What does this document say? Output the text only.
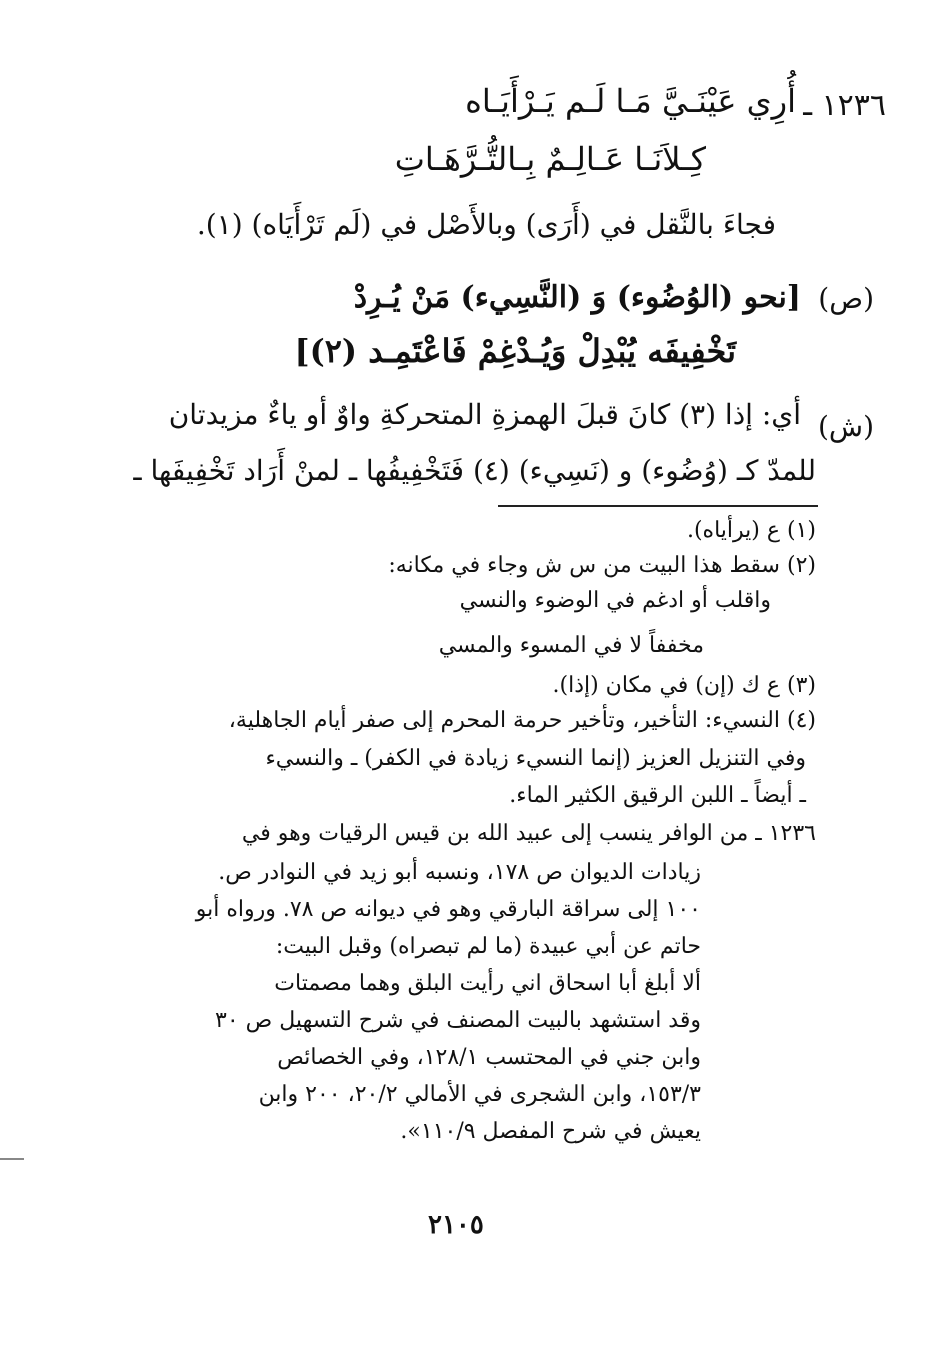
١٢٣٦ ـ
أُرِي عَيْنَـيَّ مَـا لَـم يَـرْأَيَـاه
كِـلاَنَـا عَـالِـمٌ بِـالتُّـرَّهَـاتِ
فجاءَ بالنَّقل في (أَرَى) وبالأَصْل في (لَم تَرْأَيَاه) (١).
(ص)
[نحو (الوُضُوء) وَ (النَّسِيء) مَنْ يُـرِدْ
تَخْفِيفَه يُبْدِلْ وَيُـدْغِمْ فَاعْتَمِـد (٢)]
(ش)
أي: إذا (٣) كانَ قبلَ الهمزةِ المتحركةِ واوٌ أو ياءٌ مزيدتان
للمدّ كـ (وُضُوء) و (نَسِيء) (٤) فَتَخْفِيفُها ـ لمنْ أَرَاد تَخْفِيفَها ـ
(١) ع (يرأياه).
(٢) سقط هذا البيت من س ش وجاء في مكانه:
واقلب أو ادغم في الوضوء والنسي
مخففاً لا في المسوء والمسي
(٣) ع ك (إن) في مكان (إذا).
(٤) النسيء: التأخير، وتأخير حرمة المحرم إلى صفر أيام الجاهلية،
وفي التنزيل العزيز (إنما النسيء زيادة في الكفر) ـ والنسيء
ـ أيضاً ـ اللبن الرقيق الكثير الماء.
١٢٣٦ ـ من الوافر ينسب إلى عبيد الله بن قيس الرقيات وهو في
زيادات الديوان ص ١٧٨، ونسبه أبو زيد في النوادر ص.
١٠٠ إلى سراقة البارقي وهو في ديوانه ص ٧٨. ورواه أبو
حاتم عن أبي عبيدة (ما لم تبصراه) وقبل البيت:
ألا أبلغ أبا اسحاق اني رأيت البلق وهما مصمتات
وقد استشهد بالبيت المصنف في شرح التسهيل ص ٣٠
وابن جني في المحتسب ١٢٨/١، وفي الخصائص
١٥٣/٣، وابن الشجرى في الأمالي ٢٠/٢، ٢٠٠ وابن
يعيش في شرح المفصل ١١٠/٩».
٢١٠٥
